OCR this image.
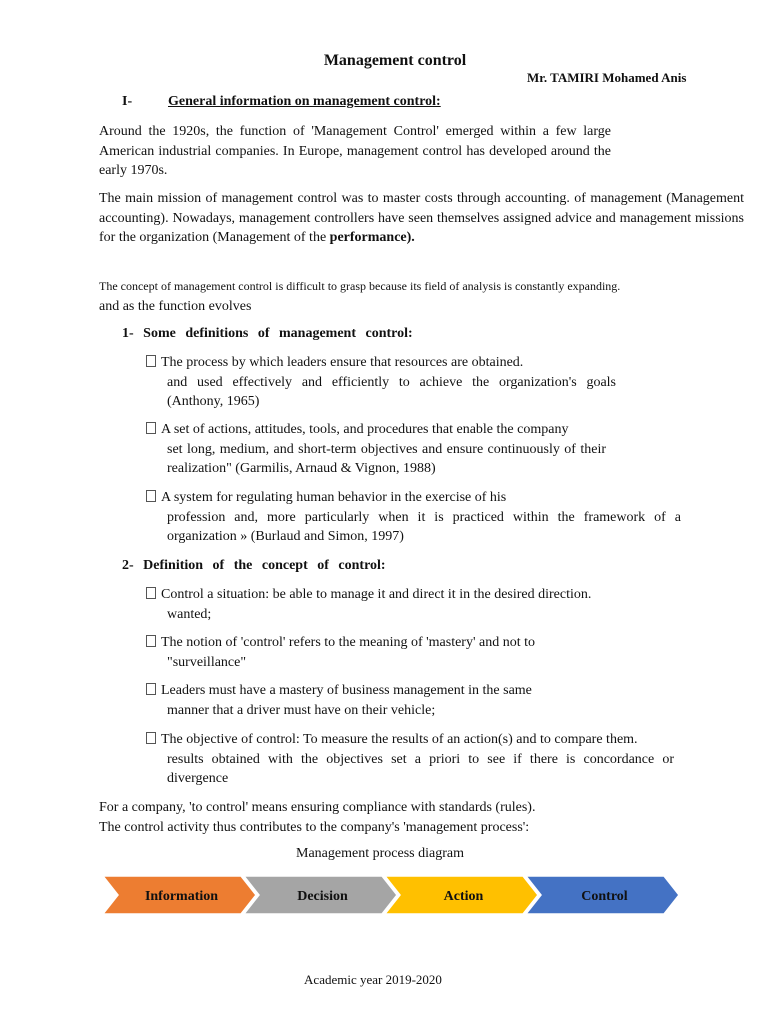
Management control
Mr. TAMIRI Mohamed Anis
I-	General information on management control:
Around the 1920s, the function of 'Management Control' emerged within a few large American industrial companies. In Europe, management control has developed around the early 1970s.
The main mission of management control was to master costs through accounting. of management (Management accounting). Nowadays, management controllers have seen themselves assigned advice and management missions for the organization (Management of the performance).
The concept of management control is difficult to grasp because its field of analysis is constantly expanding.
and as the function evolves
1- Some definitions of management control:
The process by which leaders ensure that resources are obtained.
and used effectively and efficiently to achieve the organization's goals (Anthony, 1965)
A set of actions, attitudes, tools, and procedures that enable the company
set long, medium, and short-term objectives and ensure continuously of their realization" (Garmilis, Arnaud & Vignon, 1988)
A system for regulating human behavior in the exercise of his
profession and, more particularly when it is practiced within the framework of a organization » (Burlaud and Simon, 1997)
2- Definition of the concept of control:
Control a situation: be able to manage it and direct it in the desired direction.
wanted;
The notion of 'control' refers to the meaning of 'mastery' and not to
"surveillance"
Leaders must have a mastery of business management in the same
manner that a driver must have on their vehicle;
The objective of control: To measure the results of an action(s) and to compare them.
results obtained with the objectives set a priori to see if there is concordance or divergence
For a company, 'to control' means ensuring compliance with standards (rules).
The control activity thus contributes to the company's 'management process':
Management process diagram
Information	Decision	Action	Control
Academic year 2019-2020
